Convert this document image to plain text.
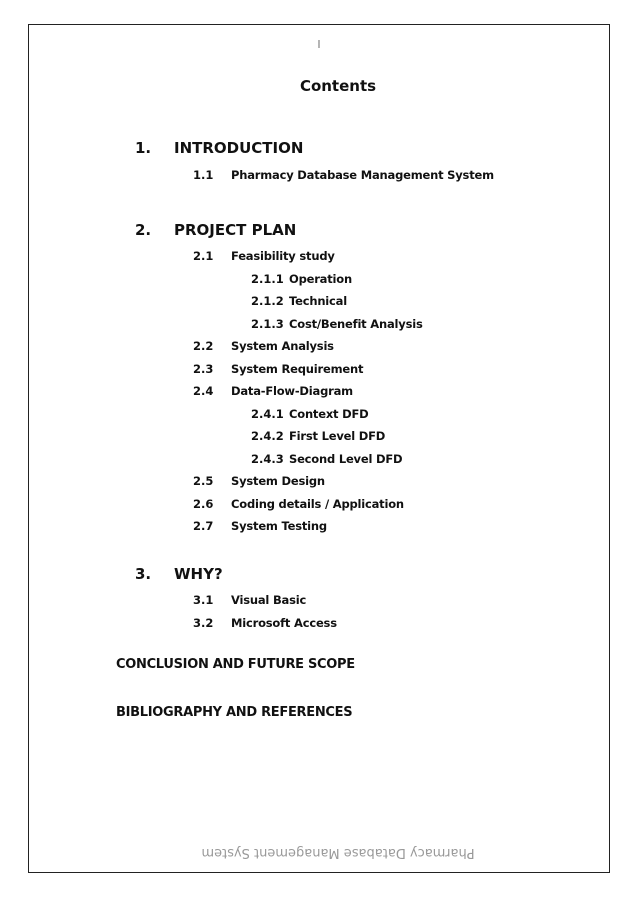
I
Contents
1. INTRODUCTION
1.1 Pharmacy Database Management System
2. PROJECT PLAN
2.1 Feasibility study
2.1.1 Operation
2.1.2 Technical
2.1.3 Cost/Benefit Analysis
2.2 System Analysis
2.3 System Requirement
2.4 Data-Flow-Diagram
2.4.1 Context DFD
2.4.2 First Level DFD
2.4.3 Second Level DFD
2.5 System Design
2.6 Coding details / Application
2.7 System Testing
3. WHY?
3.1 Visual Basic
3.2 Microsoft Access
CONCLUSION AND FUTURE SCOPE
BIBLIOGRAPHY AND REFERENCES
Pharmacy Database Management System
